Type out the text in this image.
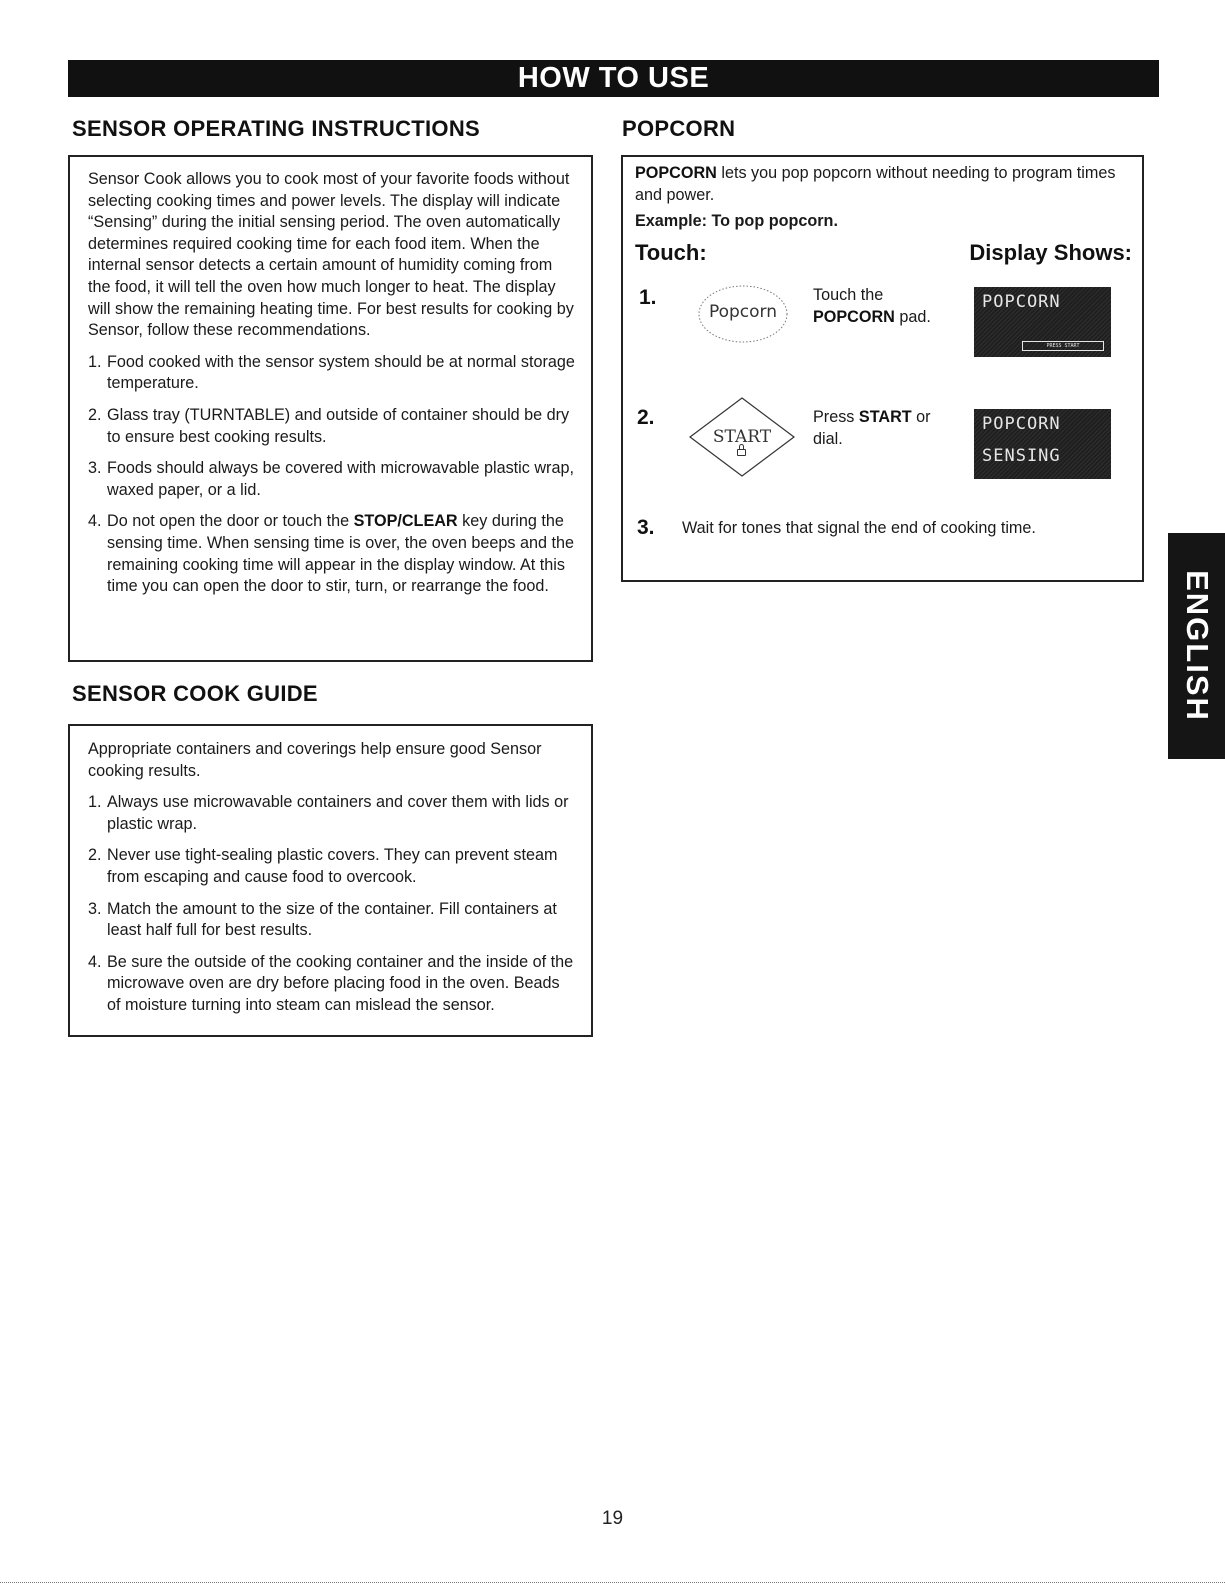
HOW TO USE
SENSOR OPERATING INSTRUCTIONS

Sensor Cook allows you to cook most of your favorite foods without selecting cooking times and power levels. The display will indicate “Sensing” during the initial sensing period. The oven automatically determines required cooking time for each food item. When the internal sensor detects a certain amount of humidity coming from the food, it will tell the oven how much longer to heat. The display will show the remaining heating time. For best results for cooking by Sensor, follow these recommendations.

1. Food cooked with the sensor system should be at normal storage temperature.
2. Glass tray (TURNTABLE) and outside of container should be dry to ensure best cooking results.
3. Foods should always be covered with microwavable plastic wrap, waxed paper, or a lid.
4. Do not open the door or touch the STOP/CLEAR key during the sensing time. When sensing time is over, the oven beeps and the remaining cooking time will appear in the display window. At this time you can open the door to stir, turn, or rearrange the food.
SENSOR COOK GUIDE

Appropriate containers and coverings help ensure good Sensor cooking results.

1. Always use microwavable containers and cover them with lids or plastic wrap.
2. Never use tight-sealing plastic covers. They can prevent steam from escaping and cause food to overcook.
3. Match the amount to the size of the container. Fill containers at least half full for best results.
4. Be sure the outside of the cooking container and the inside of the microwave oven are dry before placing food in the oven. Beads of moisture turning into steam can mislead the sensor.
POPCORN

POPCORN lets you pop popcorn without needing to program times and power.

Example: To pop popcorn.

Touch:	Display Shows:
1.
Popcorn
Touch the
POPCORN pad.
POPCORN
PRESS START
2.
START
Press START or dial.
POPCORN
SENSING
3. Wait for tones that signal the end of cooking time.
ENGLISH
19
